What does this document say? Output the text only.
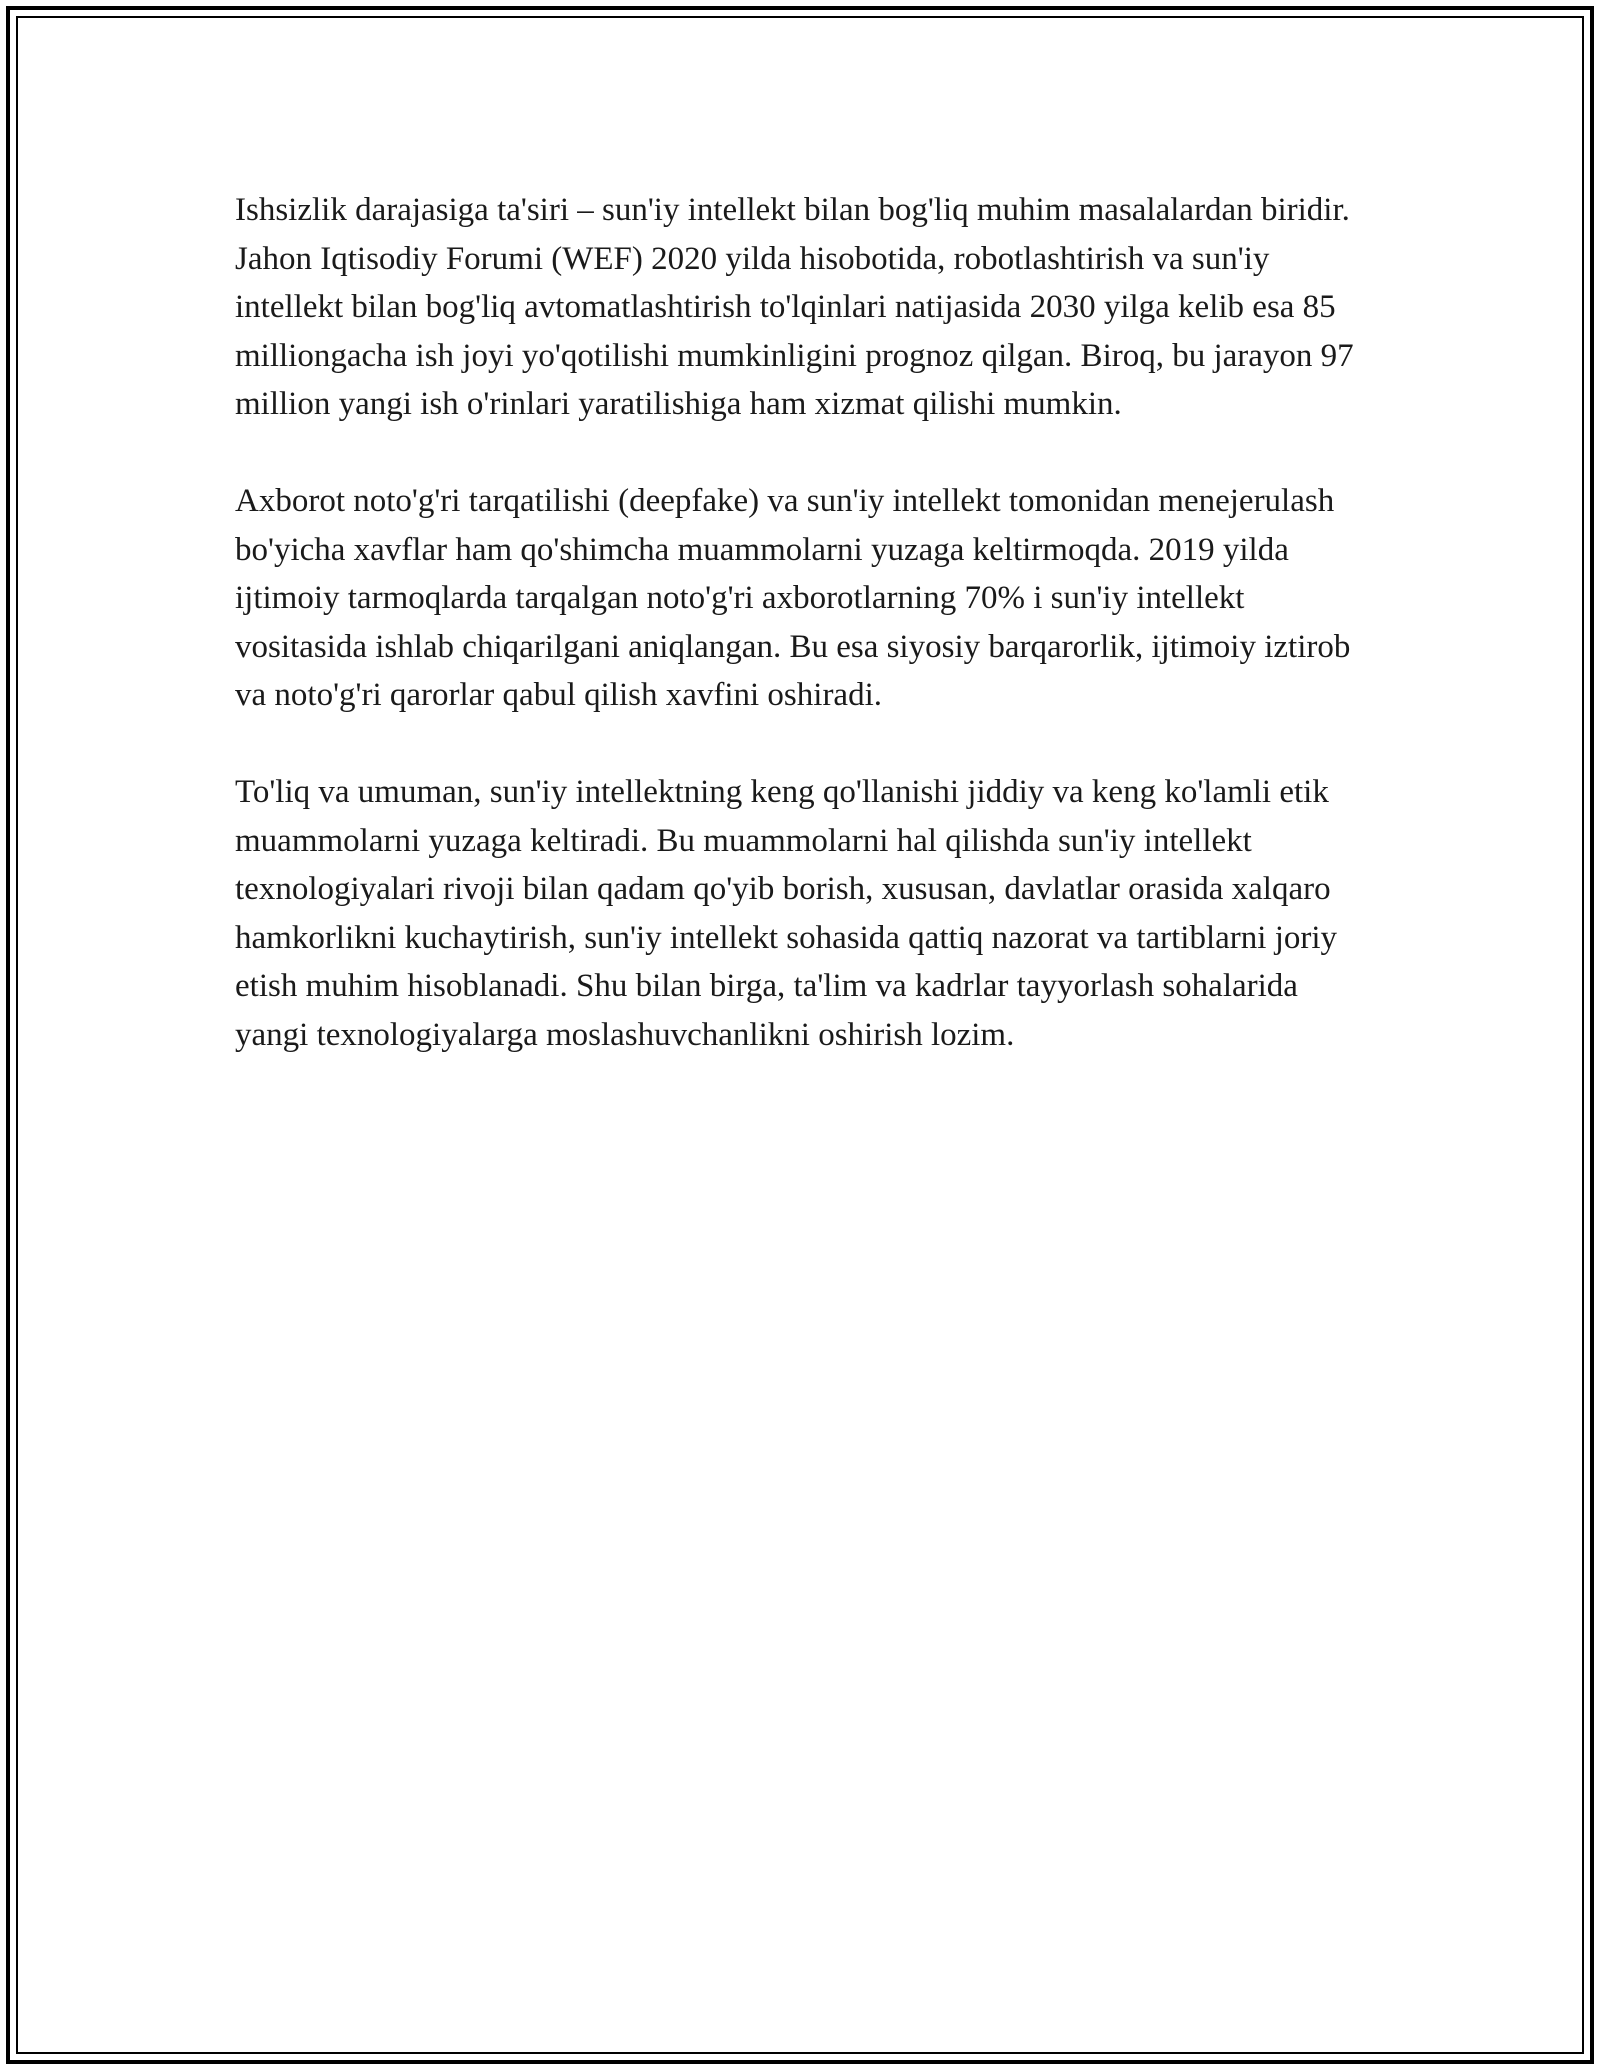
Ishsizlik darajasiga ta'siri – sun'iy intellekt bilan bog'liq muhim masalalardan biridir. Jahon Iqtisodiy Forumi (WEF) 2020 yilda hisobotida, robotlashtirish va sun'iy intellekt bilan bog'liq avtomatlashtirish to'lqinlari natijasida 2030 yilga kelib esa 85 milliongacha ish joyi yo'qotilishi mumkinligini prognoz qilgan. Biroq, bu jarayon 97 million yangi ish o'rinlari yaratilishiga ham xizmat qilishi mumkin.

Axborot noto'g'ri tarqatilishi (deepfake) va sun'iy intellekt tomonidan menejerulash bo'yicha xavflar ham qo'shimcha muammolarni yuzaga keltirmoqda. 2019 yilda ijtimoiy tarmoqlarda tarqalgan noto'g'ri axborotlarning 70% i sun'iy intellekt vositasida ishlab chiqarilgani aniqlangan. Bu esa siyosiy barqarorlik, ijtimoiy iztirob va noto'g'ri qarorlar qabul qilish xavfini oshiradi.

To'liq va umuman, sun'iy intellektning keng qo'llanishi jiddiy va keng ko'lamli etik muammolarni yuzaga keltiradi. Bu muammolarni hal qilishda sun'iy intellekt texnologiyalari rivoji bilan qadam qo'yib borish, xususan, davlatlar orasida xalqaro hamkorlikni kuchaytirish, sun'iy intellekt sohasida qattiq nazorat va tartiblarni joriy etish muhim hisoblanadi. Shu bilan birga, ta'lim va kadrlar tayyorlash sohalarida yangi texnologiyalarga moslashuvchanlikni oshirish lozim.
